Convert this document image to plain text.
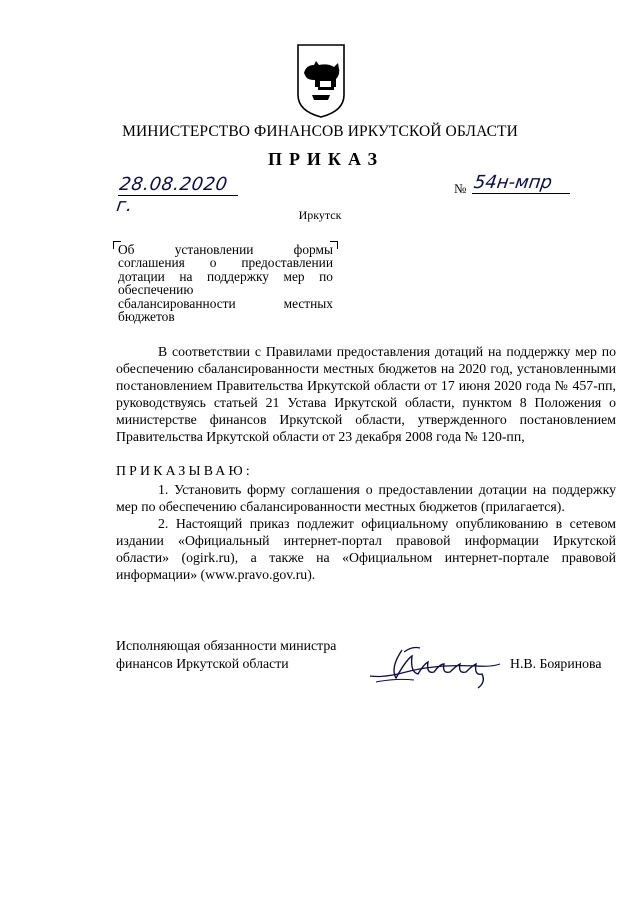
МИНИСТЕРСТВО ФИНАНСОВ ИРКУТСКОЙ ОБЛАСТИ
ПРИКАЗ
28.08.2020 г.
№ 54н-мпр
Иркутск
Об установлении формы
соглашения о предоставлении
дотации на поддержку мер по
обеспечению
сбалансированности местных
бюджетов

В соответствии с Правилами предоставления дотаций на поддержку мер по обеспечению сбалансированности местных бюджетов на 2020 год, установленными постановлением Правительства Иркутской области от 17 июня 2020 года № 457-пп, руководствуясь статьей 21 Устава Иркутской области, пунктом 8 Положения о министерстве финансов Иркутской области, утвержденного постановлением Правительства Иркутской области от 23 декабря 2008 года № 120-пп,

ПРИКАЗЫВАЮ:

1. Установить форму соглашения о предоставлении дотации на поддержку мер по обеспечению сбалансированности местных бюджетов (прилагается).

2. Настоящий приказ подлежит официальному опубликованию в сетевом издании «Официальный интернет-портал правовой информации Иркутской области» (ogirk.ru), а также на «Официальном интернет-портале правовой информации» (www.pravo.gov.ru).

Исполняющая обязанности министра
финансов Иркутской области	Н.В. Бояринова
